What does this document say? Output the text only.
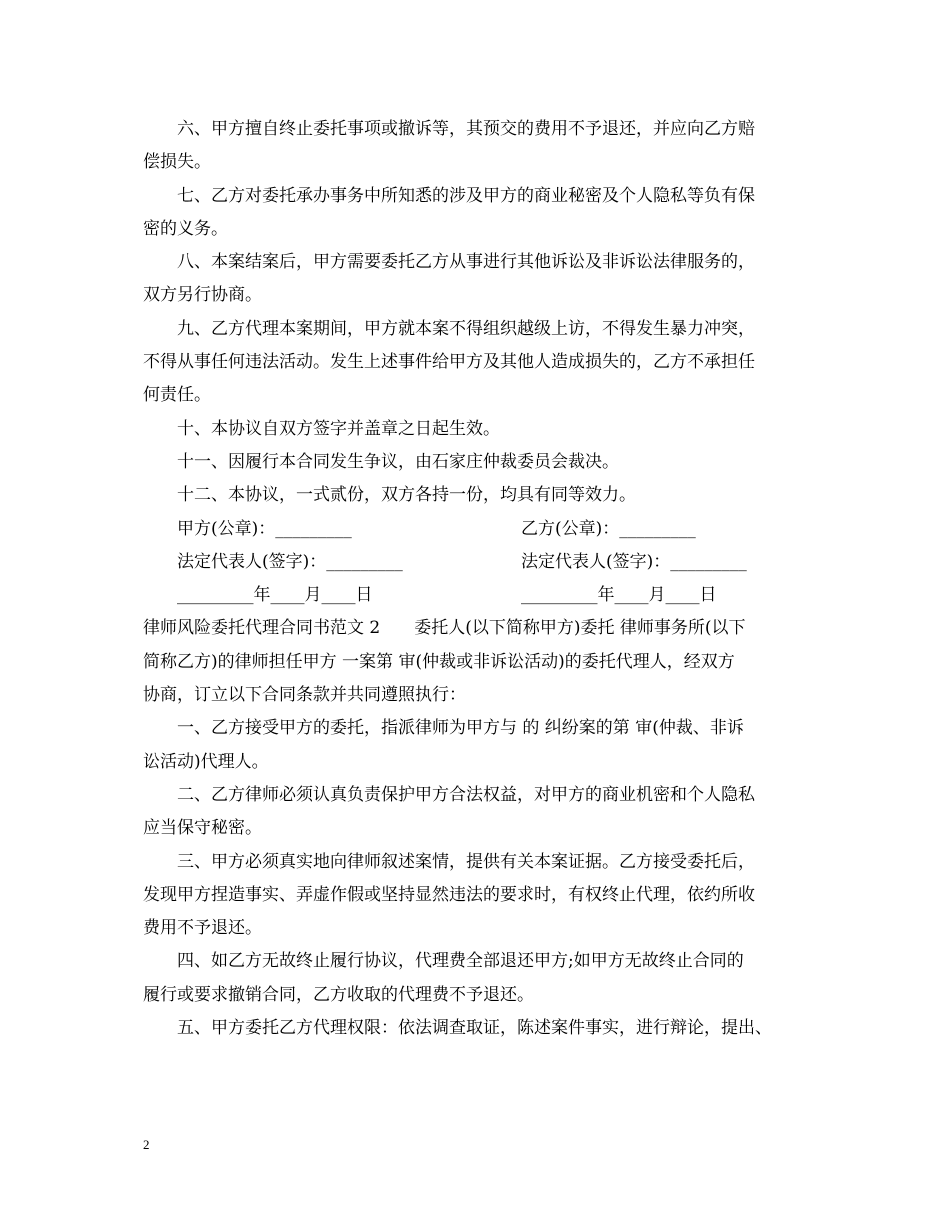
六、甲方擅自终止委托事项或撤诉等，其预交的费用不予退还，并应向乙方赔
偿损失。
七、乙方对委托承办事务中所知悉的涉及甲方的商业秘密及个人隐私等负有保
密的义务。
八、本案结案后，甲方需要委托乙方从事进行其他诉讼及非诉讼法律服务的，
双方另行协商。
九、乙方代理本案期间，甲方就本案不得组织越级上访，不得发生暴力冲突，
不得从事任何违法活动。发生上述事件给甲方及其他人造成损失的，乙方不承担任
何责任。
十、本协议自双方签字并盖章之日起生效。
十一、因履行本合同发生争议，由石家庄仲裁委员会裁决。
十二、本协议，一式贰份，双方各持一份，均具有同等效力。
甲方(公章)：_________	乙方(公章)：_________
法定代表人(签字)：_________	法定代表人(签字)：_________
_________年____月____日	_________年____月____日
律师风险委托代理合同书范文 2　　委托人(以下简称甲方)委托 律师事务所(以下
简称乙方)的律师担任甲方 一案第 审(仲裁或非诉讼活动)的委托代理人，经双方
协商，订立以下合同条款并共同遵照执行：
一、乙方接受甲方的委托，指派律师为甲方与 的 纠纷案的第 审(仲裁、非诉
讼活动)代理人。
二、乙方律师必须认真负责保护甲方合法权益，对甲方的商业机密和个人隐私
应当保守秘密。
三、甲方必须真实地向律师叙述案情，提供有关本案证据。乙方接受委托后，
发现甲方捏造事实、弄虚作假或坚持显然违法的要求时，有权终止代理，依约所收
费用不予退还。
四、如乙方无故终止履行协议，代理费全部退还甲方;如甲方无故终止合同的
履行或要求撤销合同，乙方收取的代理费不予退还。
五、甲方委托乙方代理权限：依法调查取证，陈述案件事实，进行辩论，提出、
2
